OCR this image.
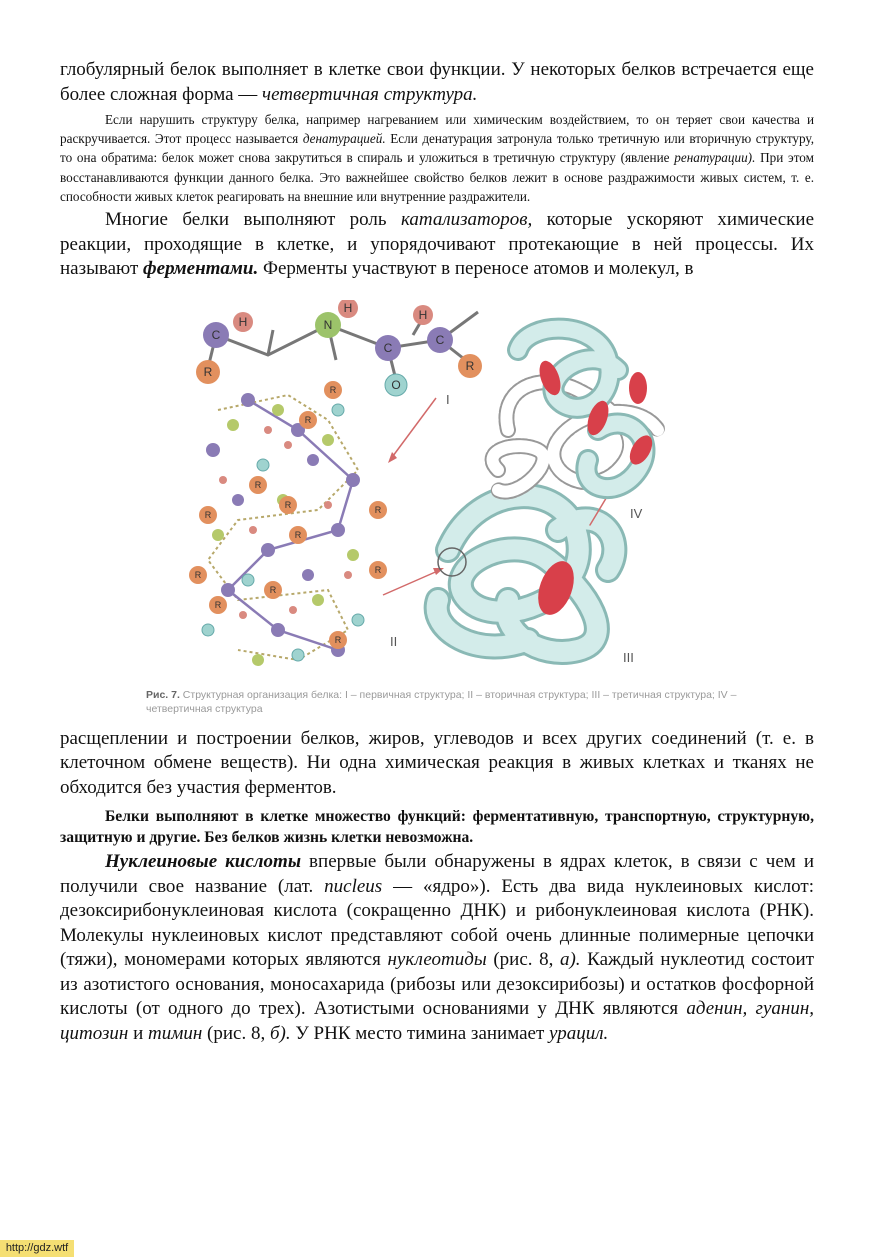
глобулярный белок выполняет в клетке свои функции. У некоторых белков встречается еще более сложная форма — четвертичная структура.

Если нарушить структуру белка, например нагреванием или химическим воздействием, то он теряет свои качества и раскручивается. Этот процесс называется денатурацией. Если денатурация затронула только третичную или вторичную структуру, то она обратима: белок может снова закрутиться в спираль и уложиться в третичную структуру (явление ренатурации). При этом восстанавливаются функции данного белка. Это важнейшее свойство белков лежит в основе раздражимости живых систем, т. е. способности живых клеток реагировать на внешние или внутренние раздражители.

Многие белки выполняют роль катализаторов, которые ускоряют химические реакции, проходящие в клетке, и упорядочивают протекающие в ней процессы. Их называют ферментами. Ферменты участвуют в переносе атомов и молекул, в

C
H	N
H
C
O
H
C
R	R
I
R
R
R
R
R
R
R
R
R
R
R
R
II
III
IV
Рис. 7. Структурная организация белка: I – первичная структура; II – вторичная структура; III – третичная структура; IV – четвертичная структура

расщеплении и построении белков, жиров, углеводов и всех других соединений (т. е. в клеточном обмене веществ). Ни одна химическая реакция в живых клетках и тканях не обходится без участия ферментов.

Белки выполняют в клетке множество функций: ферментативную, транспортную, структурную, защитную и другие. Без белков жизнь клетки невозможна.

Нуклеиновые кислоты впервые были обнаружены в ядрах клеток, в связи с чем и получили свое название (лат. nucleus — «ядро»). Есть два вида нуклеиновых кислот: дезоксирибонуклеиновая кислота (сокращенно ДНК) и рибонуклеиновая кислота (РНК). Молекулы нуклеиновых кислот представляют собой очень длинные полимерные цепочки (тяжи), мономерами которых являются нуклеотиды (рис. 8, а). Каждый нуклеотид состоит из азотистого основания, моносахарида (рибозы или дезоксирибозы) и остатков фосфорной кислоты (от одного до трех). Азотистыми основаниями у ДНК являются аденин, гуанин, цитозин и тимин (рис. 8, б). У РНК место тимина занимает урацил.

http://gdz.wtf
